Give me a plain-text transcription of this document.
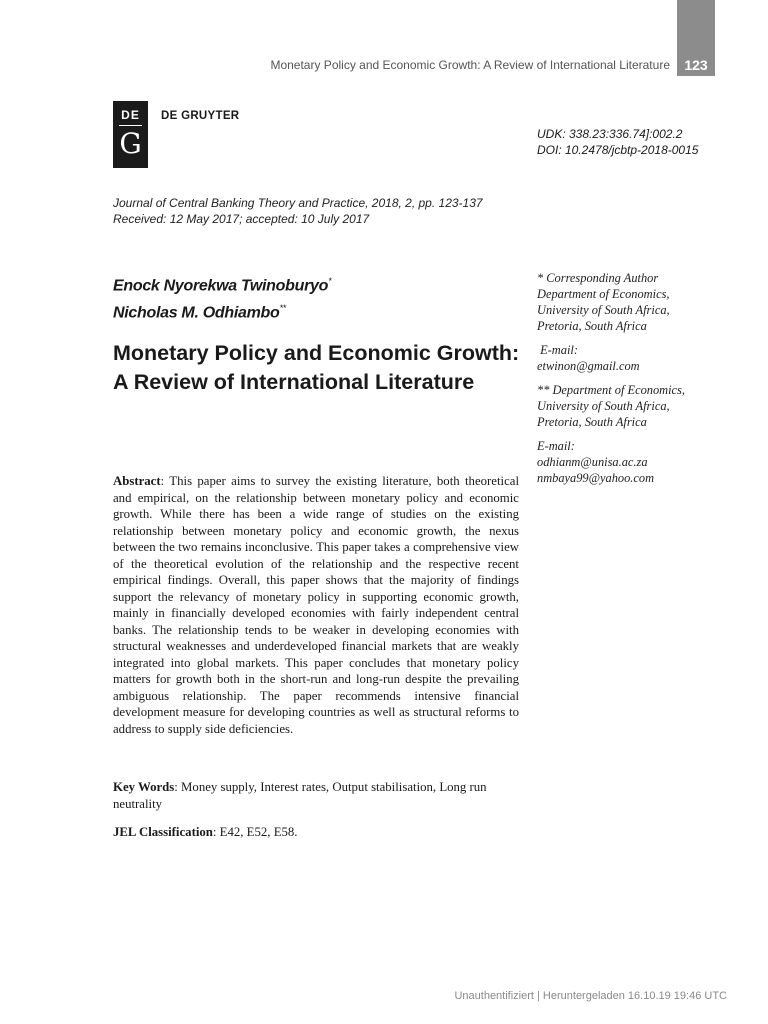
Monetary Policy and Economic Growth: A Review of International Literature	123
DE
G
DE GRUYTER
UDK: 338.23:336.74]:002.2
DOI: 10.2478/jcbtp-2018-0015
Journal of Central Banking Theory and Practice, 2018, 2, pp. 123-137
Received: 12 May 2017; accepted: 10 July 2017
Enock Nyorekwa Twinoburyo*
Nicholas M. Odhiambo**
Monetary Policy and Economic Growth: A Review of International Literature

* Corresponding Author
Department of Economics,
University of South Africa,
Pretoria, South Africa

E-mail:
etwinon@gmail.com

** Department of Economics,
University of South Africa,
Pretoria, South Africa

E-mail:
odhianm@unisa.ac.za
nmbaya99@yahoo.com

Abstract: This paper aims to survey the existing literature, both theoretical and empirical, on the relationship between monetary policy and economic growth. While there has been a wide range of studies on the existing relationship between monetary policy and economic growth, the nexus between the two remains inconclusive. This paper takes a comprehensive view of the theoretical evolution of the relationship and the respective recent empirical findings. Overall, this paper shows that the majority of findings support the relevancy of monetary policy in supporting economic growth, mainly in financially developed economies with fairly independent central banks. The relationship tends to be weaker in developing economies with structural weaknesses and underdeveloped financial markets that are weakly integrated into global markets. This paper concludes that monetary policy matters for growth both in the short-run and long-run despite the prevailing ambiguous relationship. The paper recommends intensive financial development measure for developing countries as well as structural reforms to address to supply side deficiencies.

Key Words: Money supply, Interest rates, Output stabilisation, Long run neutrality

JEL Classification: E42, E52, E58.

Unauthentifiziert | Heruntergeladen 16.10.19 19:46 UTC
